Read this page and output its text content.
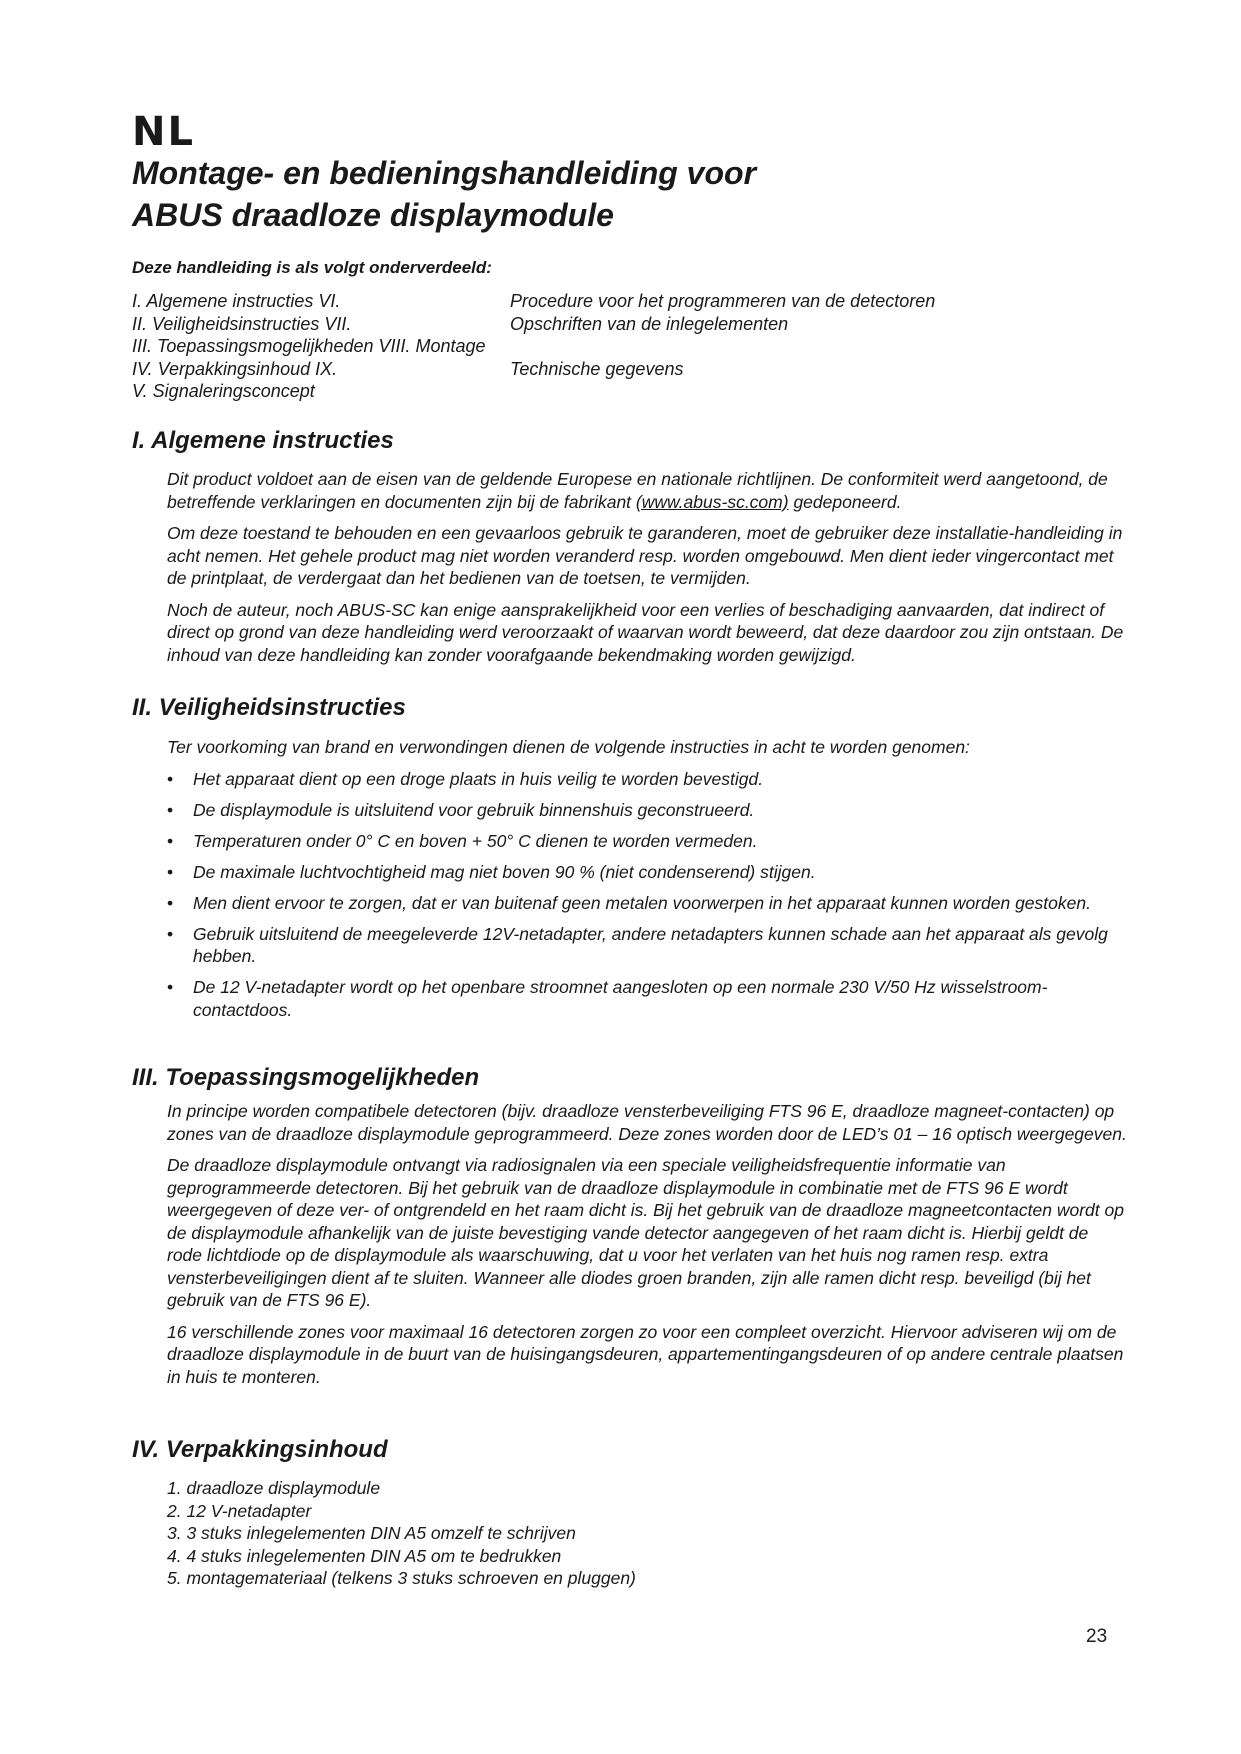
NL
Montage- en bedieningshandleiding voor
ABUS draadloze displaymodule
Deze handleiding is als volgt onderverdeeld:
I. Algemene instructies VI.	Procedure voor het programmeren van de detectoren
II. Veiligheidsinstructies VII.	Opschriften van de inlegelementen
III. Toepassingsmogelijkheden VIII. Montage
IV. Verpakkingsinhoud IX.	Technische gegevens
V. Signaleringsconcept
I. Algemene instructies

Dit product voldoet aan de eisen van de geldende Europese en nationale richtlijnen. De conformiteit werd aangetoond, de betreffende verklaringen en documenten zijn bij de fabrikant (www.abus-sc.com) gedeponeerd.

Om deze toestand te behouden en een gevaarloos gebruik te garanderen, moet de gebruiker deze installatie-handleiding in acht nemen. Het gehele product mag niet worden veranderd resp. worden omgebouwd. Men dient ieder vingercontact met de printplaat, de verdergaat dan het bedienen van de toetsen, te vermijden.

Noch de auteur, noch ABUS-SC kan enige aansprakelijkheid voor een verlies of beschadiging aanvaarden, dat indirect of direct op grond van deze handleiding werd veroorzaakt of waarvan wordt beweerd, dat deze daardoor zou zijn ontstaan. De inhoud van deze handleiding kan zonder voorafgaande bekendmaking worden gewijzigd.

II. Veiligheidsinstructies

Ter voorkoming van brand en verwondingen dienen de volgende instructies in acht te worden genomen:

• Het apparaat dient op een droge plaats in huis veilig te worden bevestigd.
• De displaymodule is uitsluitend voor gebruik binnenshuis geconstrueerd.
• Temperaturen onder 0° C en boven + 50° C dienen te worden vermeden.
• De maximale luchtvochtigheid mag niet boven 90 % (niet condenserend) stijgen.
• Men dient ervoor te zorgen, dat er van buitenaf geen metalen voorwerpen in het apparaat kunnen worden gestoken.
• Gebruik uitsluitend de meegeleverde 12V-netadapter, andere netadapters kunnen schade aan het apparaat als gevolg hebben.
• De 12 V-netadapter wordt op het openbare stroomnet aangesloten op een normale 230 V/50 Hz wisselstroom-contactdoos.
III. Toepassingsmogelijkheden

In principe worden compatibele detectoren (bijv. draadloze vensterbeveiliging FTS 96 E, draadloze magneet-contacten) op zones van de draadloze displaymodule geprogrammeerd. Deze zones worden door de LED’s 01 – 16 optisch weergegeven.

De draadloze displaymodule ontvangt via radiosignalen via een speciale veiligheidsfrequentie informatie van geprogrammeerde detectoren. Bij het gebruik van de draadloze displaymodule in combinatie met de FTS 96 E wordt weergegeven of deze ver- of ontgrendeld en het raam dicht is. Bij het gebruik van de draadloze magneetcontacten wordt op de displaymodule afhankelijk van de juiste bevestiging vande detector aangegeven of het raam dicht is. Hierbij geldt de rode lichtdiode op de displaymodule als waarschuwing, dat u voor het verlaten van het huis nog ramen resp. extra vensterbeveiligingen dient af te sluiten. Wanneer alle diodes groen branden, zijn alle ramen dicht resp. beveiligd (bij het gebruik van de FTS 96 E).

16 verschillende zones voor maximaal 16 detectoren zorgen zo voor een compleet overzicht. Hiervoor adviseren wij om de draadloze displaymodule in de buurt van de huisingangsdeuren, appartementingangsdeuren of op andere centrale plaatsen in huis te monteren.

IV. Verpakkingsinhoud
1. draadloze displaymodule
2. 12 V-netadapter
3. 3 stuks inlegelementen DIN A5 omzelf te schrijven
4. 4 stuks inlegelementen DIN A5 om te bedrukken
5. montagemateriaal (telkens 3 stuks schroeven en pluggen)
23
